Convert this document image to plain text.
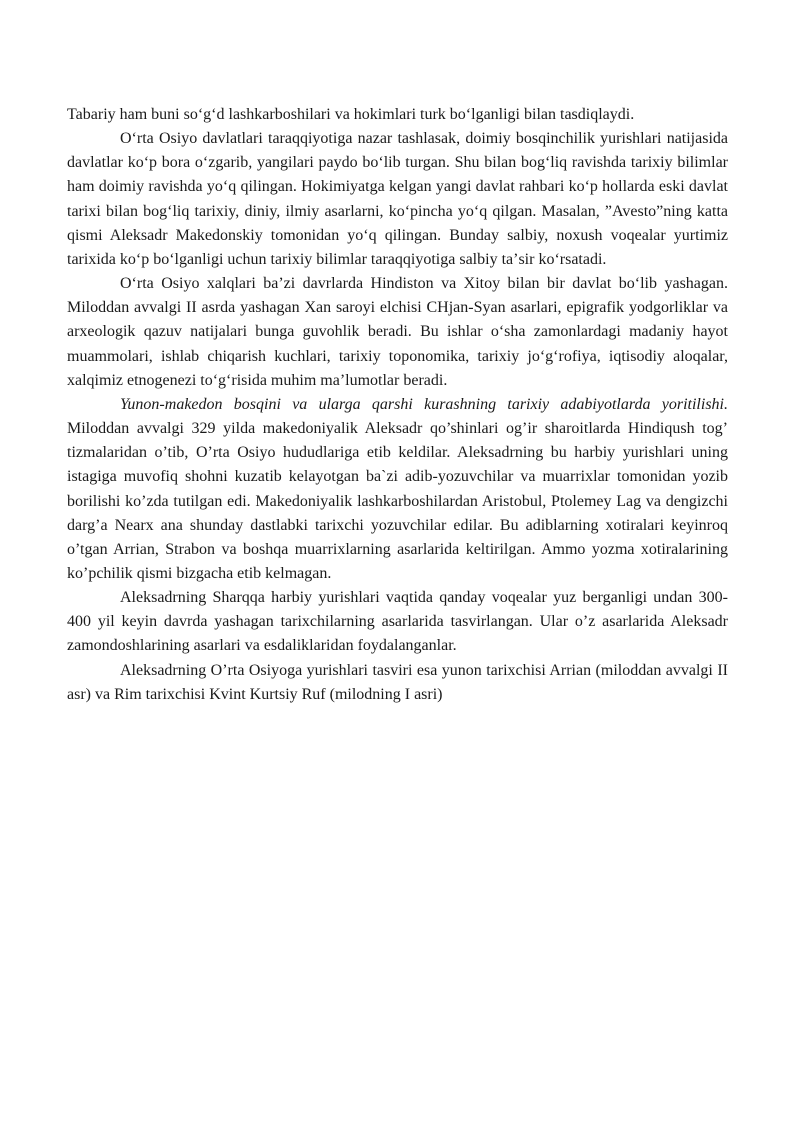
Tabariy ham buni soʻgʻd lashkarboshilari va hokimlari turk boʻlganligi bilan tasdiqlaydi.

Oʻrta Osiyo davlatlari taraqqiyotiga nazar tashlasak, doimiy bosqinchilik yurishlari natijasida davlatlar koʻp bora oʻzgarib, yangilari paydo boʻlib turgan. Shu bilan bogʻliq ravishda tarixiy bilimlar ham doimiy ravishda yoʻq qilingan. Hokimiyatga kelgan yangi davlat rahbari koʻp hollarda eski davlat tarixi bilan bogʻliq tarixiy, diniy, ilmiy asarlarni, koʻpincha yoʻq qilgan. Masalan, ”Avesto”ning katta qismi Aleksadr Makedonskiy tomonidan yoʻq qilingan. Bunday salbiy, noxush voqealar yurtimiz tarixida koʻp boʻlganligi uchun tarixiy bilimlar taraqqiyotiga salbiy taʼsir koʻrsatadi.

Oʻrta Osiyo xalqlari baʼzi davrlarda Hindiston va Xitoy bilan bir davlat boʻlib yashagan. Miloddan avvalgi II asrda yashagan Xan saroyi elchisi CHjan-Syan asarlari, epigrafik yodgorliklar va arxeologik qazuv natijalari bunga guvohlik beradi. Bu ishlar oʻsha zamonlardagi madaniy hayot muammolari, ishlab chiqarish kuchlari, tarixiy toponomika, tarixiy joʻgʻrofiya, iqtisodiy aloqalar, xalqimiz etnogenezi toʻgʻrisida muhim maʼlumotlar beradi.

Yunon-makedon bosqini va ularga qarshi kurashning tarixiy adabiyotlarda yoritilishi. Miloddan avvalgi 329 yilda makedoniyalik Aleksadr qo’shinlari og’ir sharoitlarda Hindiqush tog’ tizmalaridan o’tib, O’rta Osiyo hududlariga etib keldilar. Aleksadrning bu harbiy yurishlari uning istagiga muvofiq shohni kuzatib kelayotgan ba`zi adib-yozuvchilar va muarrixlar tomonidan yozib borilishi ko’zda tutilgan edi. Makedoniyalik lashkarboshilardan Aristobul, Ptolemey Lag va dengizchi darg’a Nearx ana shunday dastlabki tarixchi yozuvchilar edilar. Bu adiblarning xotiralari keyinroq o’tgan Arrian, Strabon va boshqa muarrixlarning asarlarida keltirilgan. Ammo yozma xotiralarining ko’pchilik qismi bizgacha etib kelmagan.

Aleksadrning Sharqqa harbiy yurishlari vaqtida qanday voqealar yuz berganligi undan 300-400 yil keyin davrda yashagan tarixchilarning asarlarida tasvirlangan. Ular o’z asarlarida Aleksadr zamondoshlarining asarlari va esdaliklaridan foydalanganlar.

Aleksadrning O’rta Osiyoga yurishlari tasviri esa yunon tarixchisi Arrian (miloddan avvalgi II asr) va Rim tarixchisi Kvint Kurtsiy Ruf (milodning I asri)
